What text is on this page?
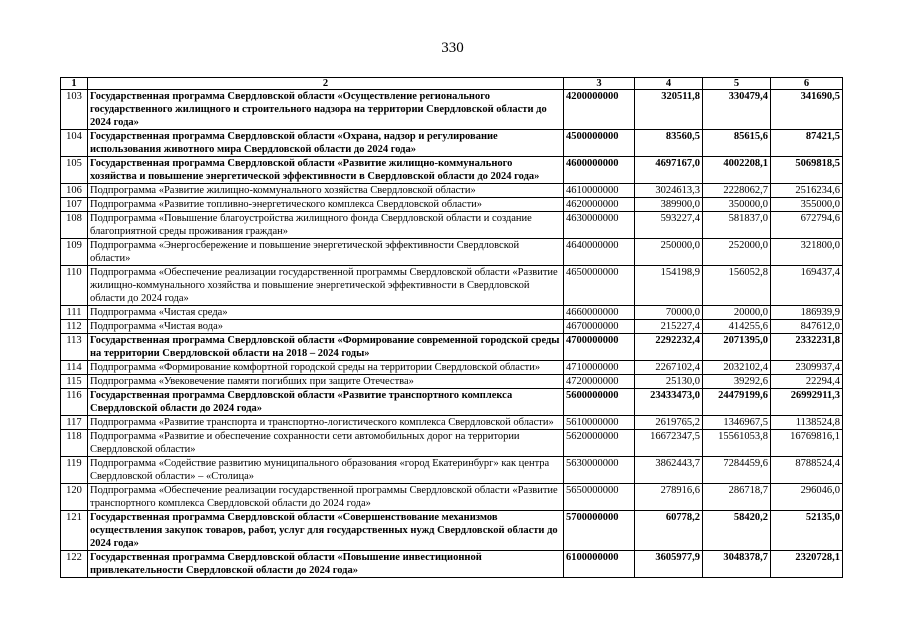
330
1	2	3	4	5	6
103	Государственная программа Свердловской области «Осуществление регионального государственного жилищного и строительного надзора на территории Свердловской области до 2024 года»	4200000000	320511,8	330479,4	341690,5
104	Государственная программа Свердловской области «Охрана, надзор и регулирование использования животного мира Свердловской области до 2024 года»	4500000000	83560,5	85615,6	87421,5
105	Государственная программа Свердловской области «Развитие жилищно-коммунального хозяйства и повышение энергетической эффективности в Свердловской области до 2024 года»	4600000000	4697167,0	4002208,1	5069818,5
106	Подпрограмма «Развитие жилищно-коммунального хозяйства Свердловской области»	4610000000	3024613,3	2228062,7	2516234,6
107	Подпрограмма «Развитие топливно-энергетического комплекса Свердловской области»	4620000000	389900,0	350000,0	355000,0
108	Подпрограмма «Повышение благоустройства жилищного фонда Свердловской области и создание благоприятной среды проживания граждан»	4630000000	593227,4	581837,0	672794,6
109	Подпрограмма «Энергосбережение и повышение энергетической эффективности Свердловской области»	4640000000	250000,0	252000,0	321800,0
110	Подпрограмма «Обеспечение реализации государственной программы Свердловской области «Развитие жилищно-коммунального хозяйства и повышение энергетической эффективности в Свердловской области до 2024 года»	4650000000	154198,9	156052,8	169437,4
111	Подпрограмма «Чистая среда»	4660000000	70000,0	20000,0	186939,9
112	Подпрограмма «Чистая вода»	4670000000	215227,4	414255,6	847612,0
113	Государственная программа Свердловской области «Формирование современной городской среды на территории Свердловской области на 2018 – 2024 годы»	4700000000	2292232,4	2071395,0	2332231,8
114	Подпрограмма «Формирование комфортной городской среды на территории Свердловской области»	4710000000	2267102,4	2032102,4	2309937,4
115	Подпрограмма «Увековечение памяти погибших при защите Отечества»	4720000000	25130,0	39292,6	22294,4
116	Государственная программа Свердловской области «Развитие транспортного комплекса Свердловской области до 2024 года»	5600000000	23433473,0	24479199,6	26992911,3
117	Подпрограмма «Развитие транспорта и транспортно-логистического комплекса Свердловской области»	5610000000	2619765,2	1346967,5	1138524,8
118	Подпрограмма «Развитие и обеспечение сохранности сети автомобильных дорог на территории Свердловской области»	5620000000	16672347,5	15561053,8	16769816,1
119	Подпрограмма «Содействие развитию муниципального образования «город Екатеринбург» как центра Свердловской области» – «Столица»	5630000000	3862443,7	7284459,6	8788524,4
120	Подпрограмма «Обеспечение реализации государственной программы Свердловской области «Развитие транспортного комплекса Свердловской области до 2024 года»	5650000000	278916,6	286718,7	296046,0
121	Государственная программа Свердловской области «Совершенствование механизмов осуществления закупок товаров, работ, услуг для государственных нужд Свердловской области до 2024 года»	5700000000	60778,2	58420,2	52135,0
122	Государственная программа Свердловской области «Повышение инвестиционной привлекательности Свердловской области до 2024 года»	6100000000	3605977,9	3048378,7	2320728,1
